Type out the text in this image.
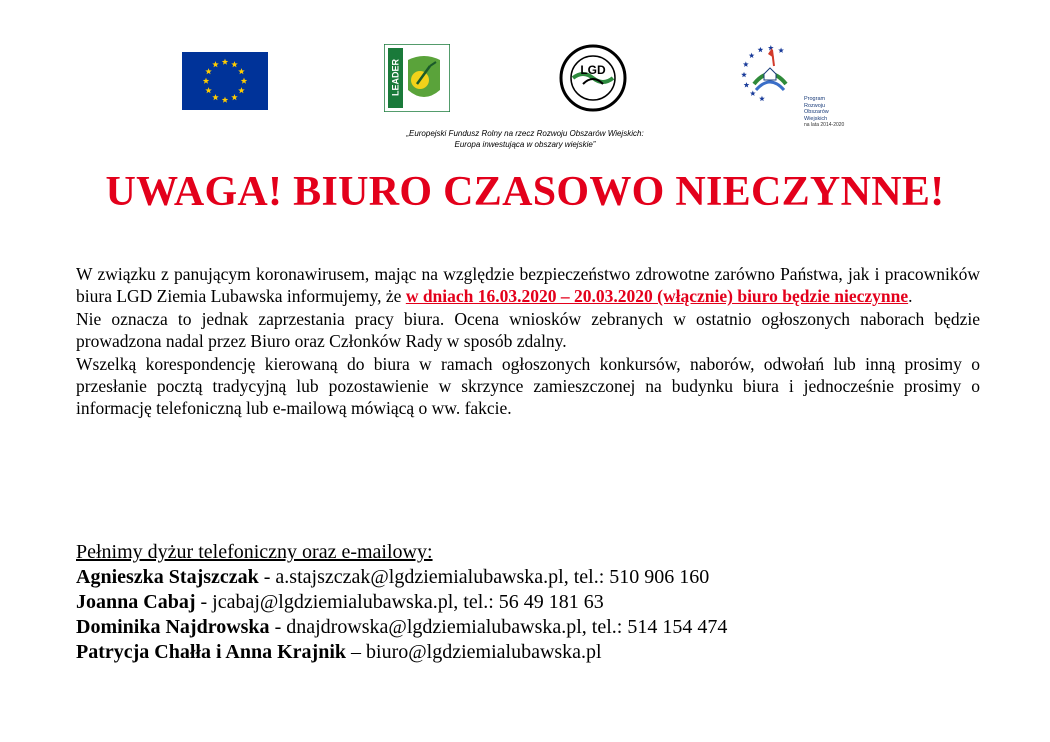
LEADER	LGD
Program
Rozwoju
Obszarów
Wiejskich
na lata 2014-2020
„Europejski Fundusz Rolny na rzecz Rozwoju Obszarów Wiejskich:
Europa inwestująca w obszary wiejskie”
UWAGA! BIURO CZASOWO NIECZYNNE!

W związku z panującym koronawirusem, mając na względzie bezpieczeństwo zdrowotne zarówno Państwa, jak i pracowników biura LGD Ziemia Lubawska informujemy, że w dniach 16.03.2020 – 20.03.2020 (włącznie) biuro będzie nieczynne.

Nie oznacza to jednak zaprzestania pracy biura. Ocena wniosków zebranych w ostatnio ogłoszonych naborach będzie prowadzona nadal przez Biuro oraz Członków Rady w sposób zdalny.

Wszelką korespondencję kierowaną do biura w ramach ogłoszonych konkursów, naborów, odwołań lub inną prosimy o przesłanie pocztą tradycyjną lub pozostawienie w skrzynce zamieszczonej na budynku biura i jednocześnie prosimy o informację telefoniczną lub e-mailową mówiącą o ww. fakcie.

Pełnimy dyżur telefoniczny oraz e-mailowy:
Agnieszka Stajszczak - a.stajszczak@lgdziemialubawska.pl, tel.: 510 906 160
Joanna Cabaj - jcabaj@lgdziemialubawska.pl, tel.: 56 49 181 63
Dominika Najdrowska - dnajdrowska@lgdziemialubawska.pl, tel.: 514 154 474
Patrycja Chałła i Anna Krajnik – biuro@lgdziemialubawska.pl
